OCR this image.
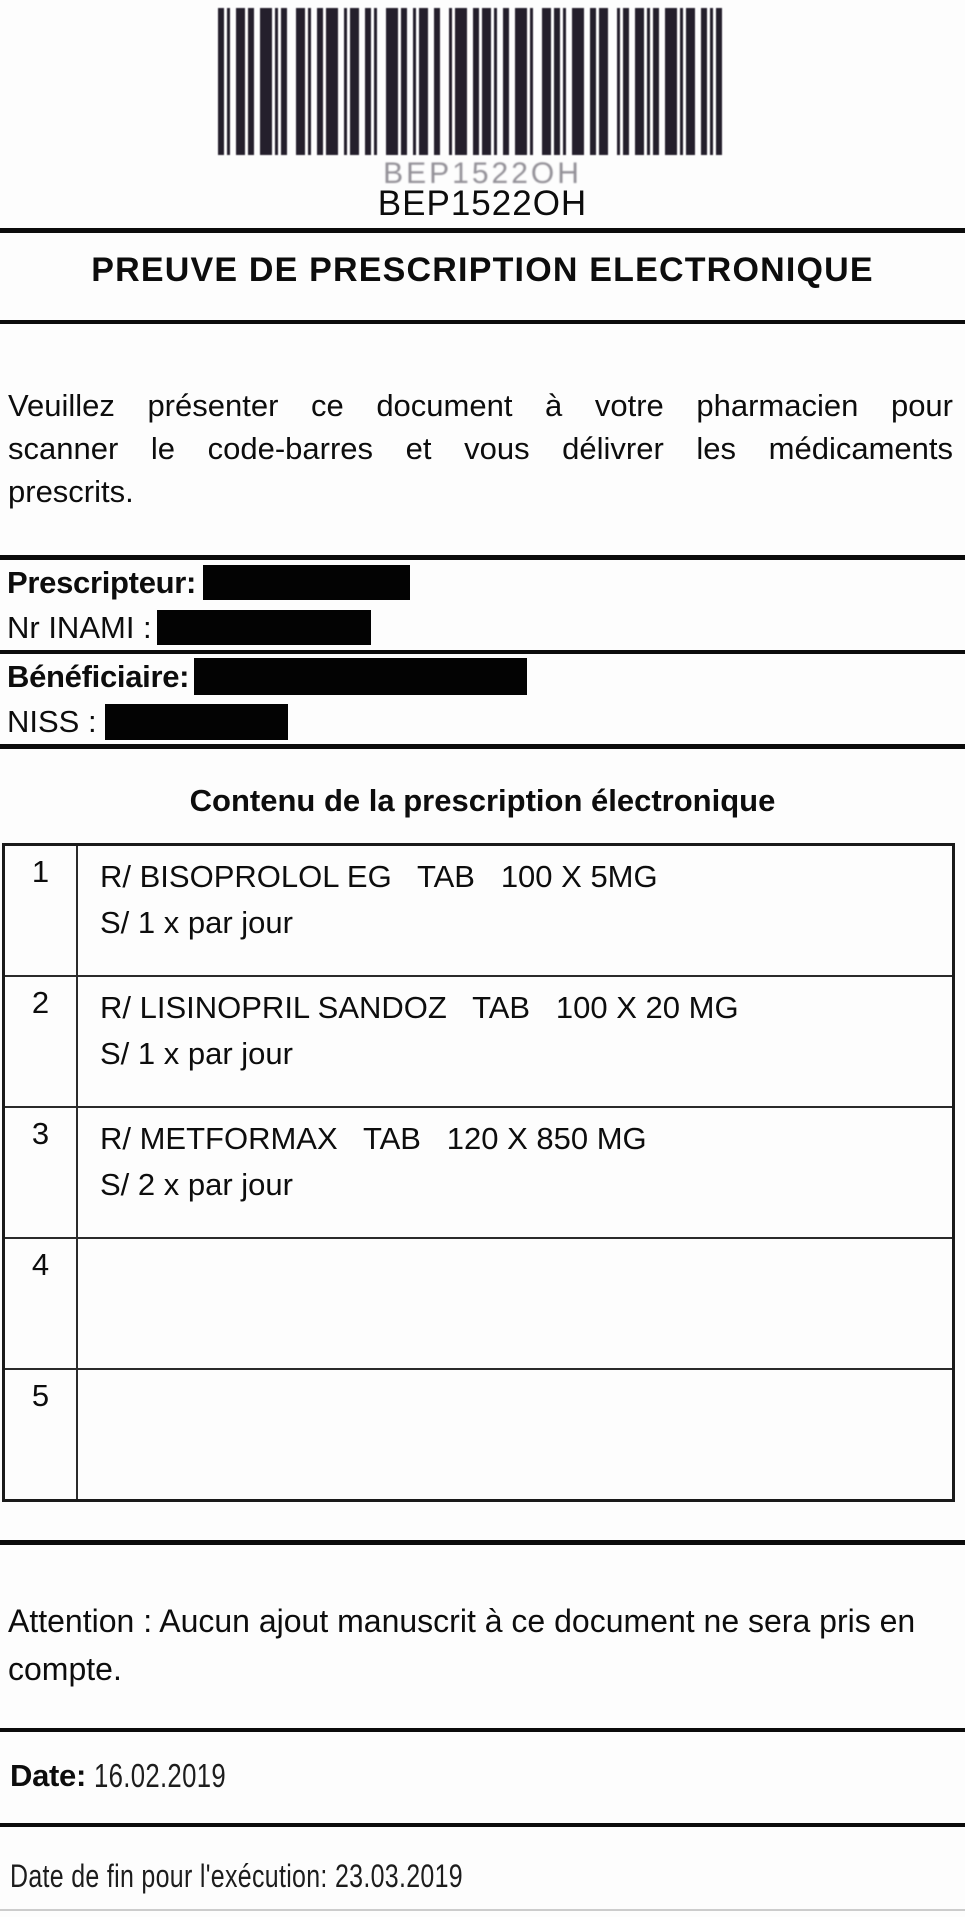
BEP1522OH
BEP1522OH
PREUVE DE PRESCRIPTION ELECTRONIQUE
Veuillez présenter ce document à votre pharmacien pour
scanner le code-barres et vous délivrer les médicaments
prescrits.
Prescripteur:
Nr INAMI :
Bénéficiaire:
NISS :
Contenu de la prescription électronique
1	R/ BISOPROLOL EG   TAB   100 X 5MG
S/ 1 x par jour
2	R/ LISINOPRIL SANDOZ   TAB   100 X 20 MG
S/ 1 x par jour
3	R/ METFORMAX   TAB   120 X 850 MG
S/ 2 x par jour
4

5

Attention : Aucun ajout manuscrit à ce document ne sera pris en
compte.
Date: 16.02.2019
Date de fin pour l'exécution: 23.03.2019
